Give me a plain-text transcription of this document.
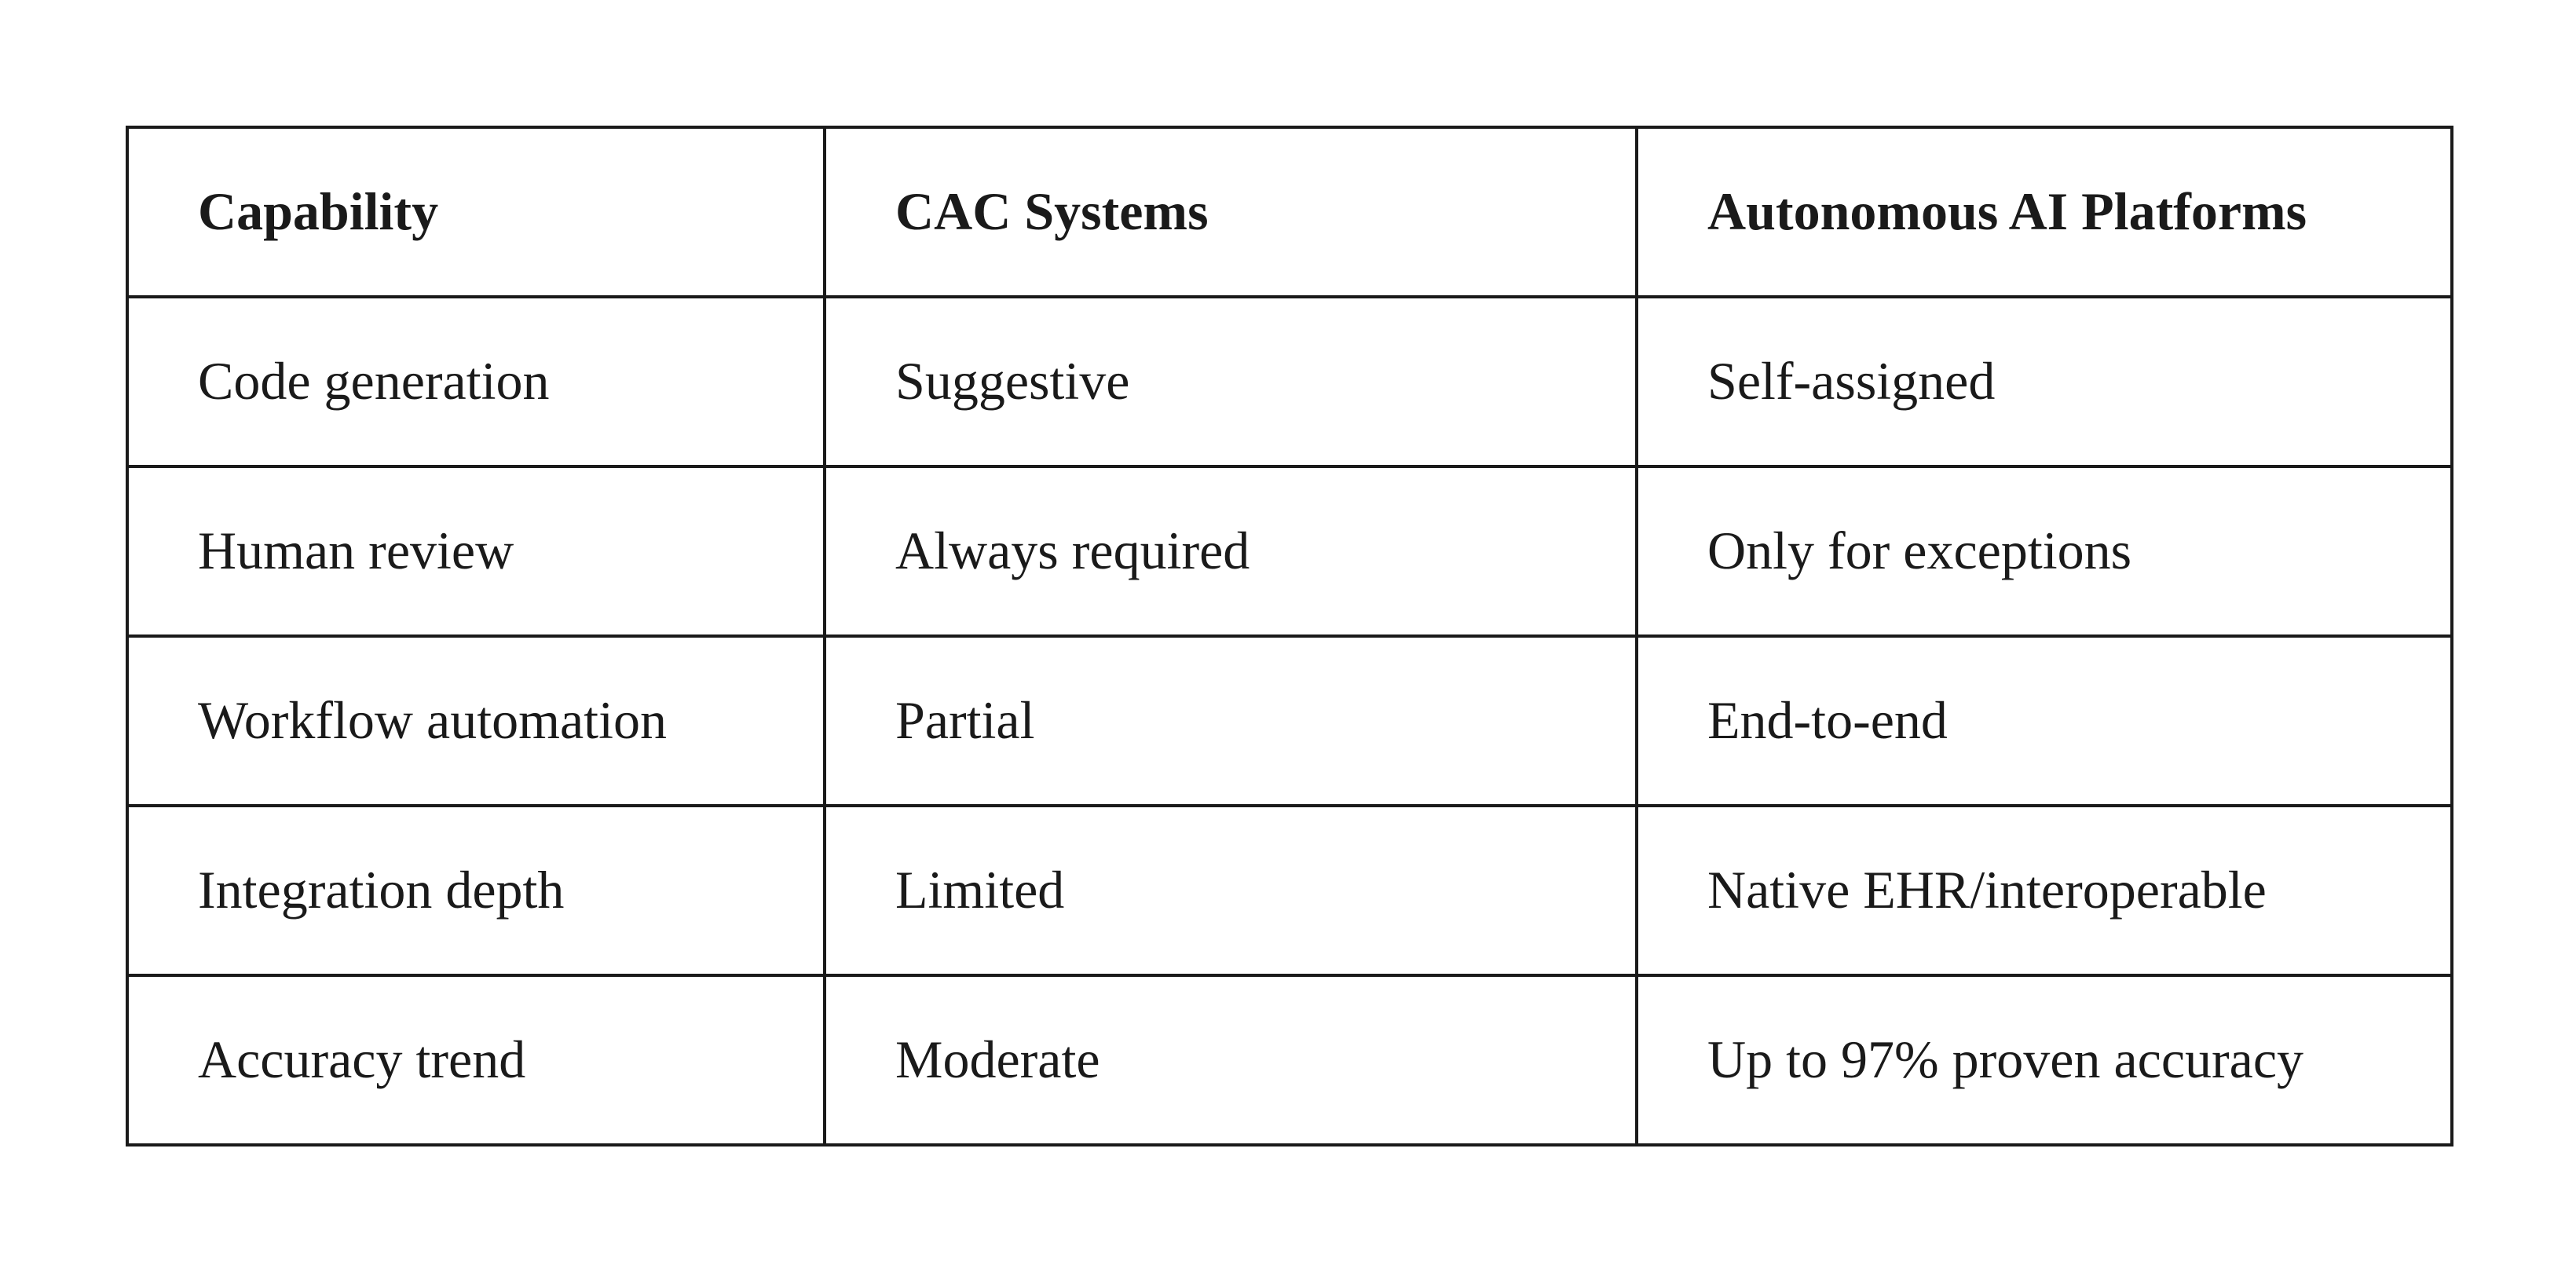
Capability	CAC Systems	Autonomous AI Platforms
Code generation	Suggestive	Self-assigned
Human review	Always required	Only for exceptions
Workflow automation	Partial	End-to-end
Integration depth	Limited	Native EHR/interoperable
Accuracy trend	Moderate	Up to 97% proven accuracy
